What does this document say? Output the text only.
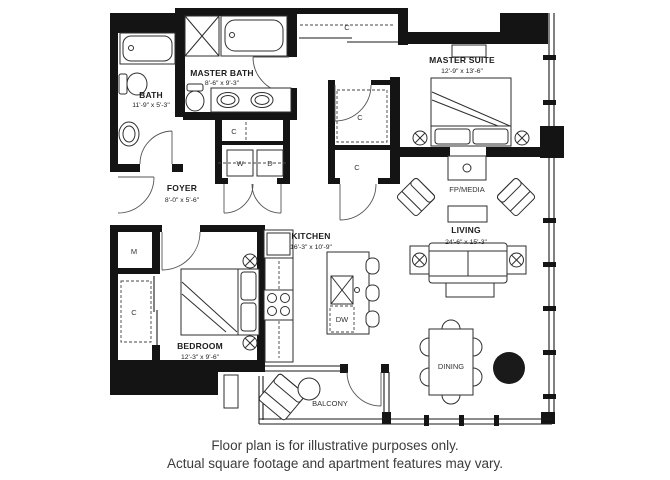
BATH
11'-9" x 5'-3"
MASTER BATH
8'-6" x 9'-3"
FOYER
8'-0" x 5'-6"
MASTER SUITE
12'-9" x 13'-6"
LIVING
24'-6" x 15'-3"
KITCHEN
16'-3" x 10'-9"
BEDROOM
12'-3" x 9'-6"
BALCONY
DINING
FP/MEDIA
W	D
DW
C
C
C
C
C
M
Floor plan is for illustrative purposes only.
Actual square footage and apartment features may vary.
